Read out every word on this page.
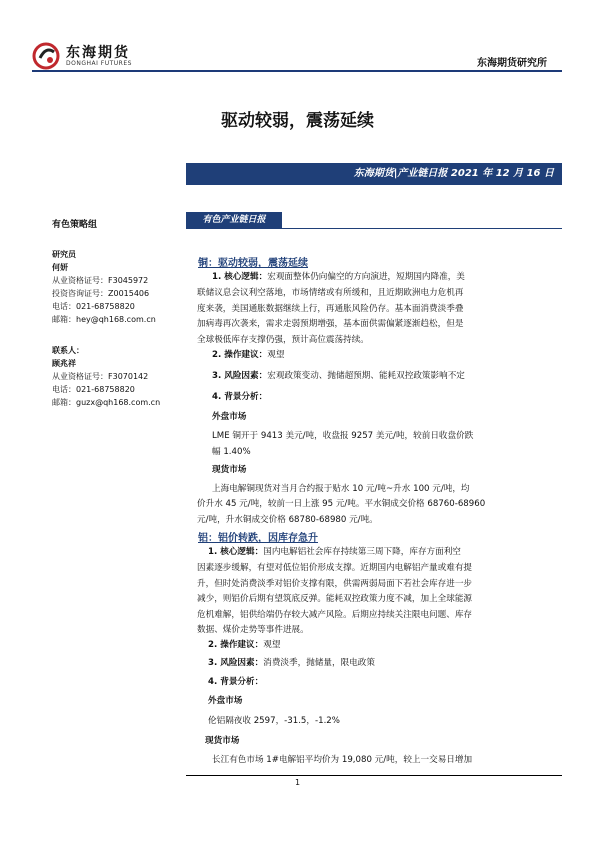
东海期货
DONGHAI FUTURES	东海期货研究所
驱动较弱，震荡延续
东海期货|产业链日报 2021 年 12 月 16 日
有色策略组
研究员
何妍
从业资格证号：F3045972
投资咨询证号：Z0015406
电话：021-68758820
邮箱：hey@qh168.com.cn
联系人：
顾兆祥
从业资格证号：F3070142
电话：021-68758820
邮箱：guzx@qh168.com.cn
有色产业链日报
铜：驱动较弱，震荡延续
1. 核心逻辑：宏观面整体仍向偏空的方向演进，短期国内降准，美
联储议息会议利空落地，市场情绪或有所缓和，且近期欧洲电力危机再
度来袭，美国通胀数据继续上行，再通胀风险仍存。基本面消费淡季叠
加病毒再次袭来，需求走弱预期增强，基本面供需偏紧逐渐趋松，但是
全球极低库存支撑仍强，预计高位震荡持续。
2. 操作建议：观望
3. 风险因素：宏观政策变动、抛储超预期、能耗双控政策影响不定
4. 背景分析：
外盘市场
LME 铜开于 9413 美元/吨，收盘报 9257 美元/吨，较前日收盘价跌
幅 1.40%
现货市场
上海电解铜现货对当月合约报于贴水 10 元/吨~升水 100 元/吨，均
价升水 45 元/吨，较前一日上涨 95 元/吨。平水铜成交价格 68760-68960
元/吨，升水铜成交价格 68780-68980 元/吨。
铝：铝价转跌，因库存急升
1. 核心逻辑：国内电解铝社会库存持续第三周下降，库存方面利空
因素逐步缓解，有望对低位铝价形成支撑。近期国内电解铝产量或难有提
升，但时处消费淡季对铝价支撑有限，供需两弱局面下若社会库存进一步
减少，则铝价后期有望筑底反弹。能耗双控政策力度不减，加上全球能源
危机难解，铝供给端仍存较大减产风险。后期应持续关注限电问题、库存
数据、煤价走势等事件进展。
2. 操作建议：观望
3. 风险因素：消费淡季，抛储量，限电政策
4. 背景分析：
外盘市场
伦铝隔夜收 2597，-31.5，-1.2%
现货市场
长江有色市场 1#电解铝平均价为 19,080 元/吨，较上一交易日增加
1
